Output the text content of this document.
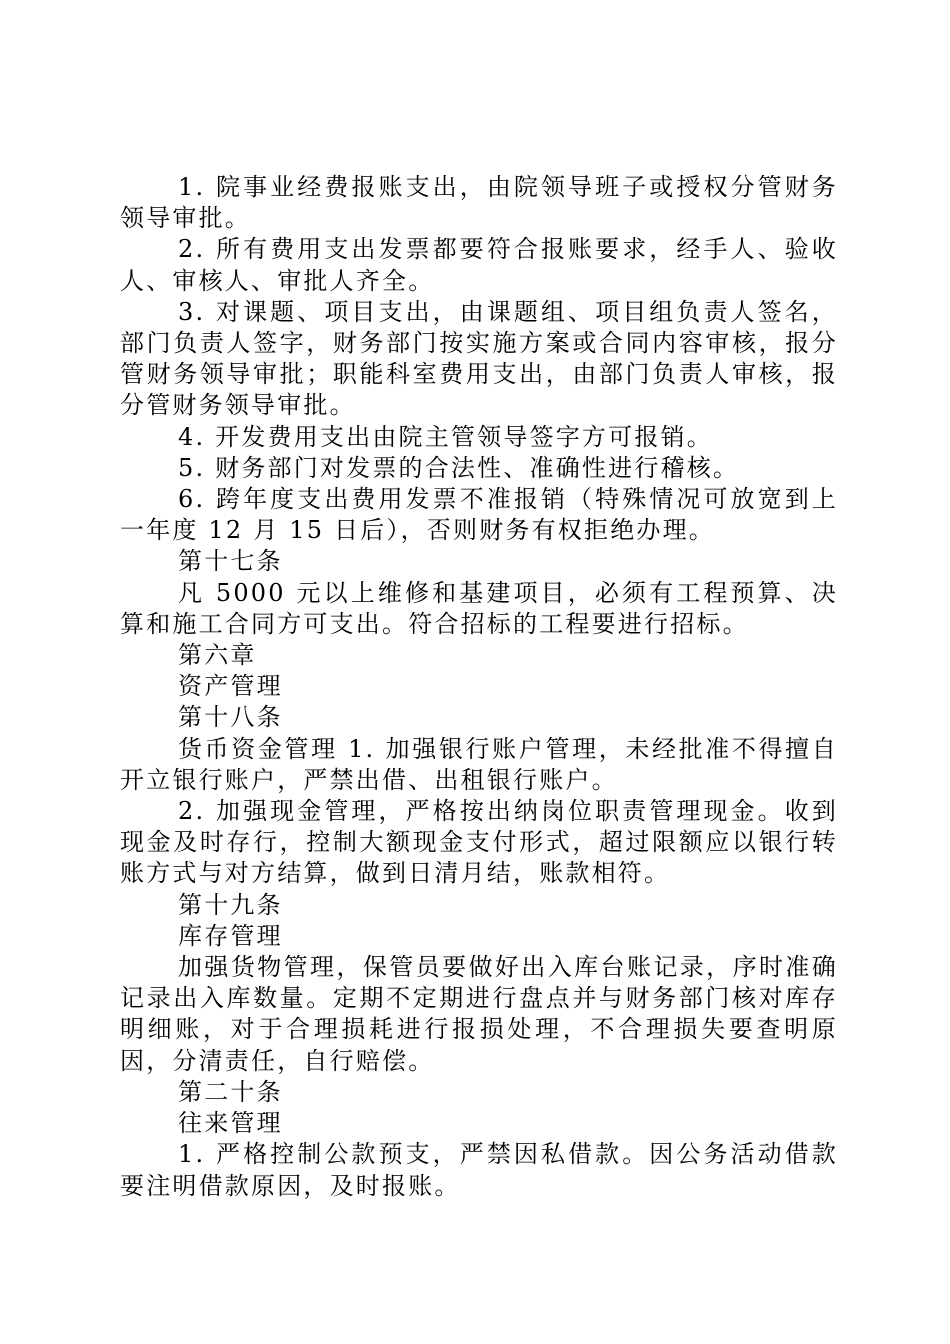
1. 院事业经费报账支出，由院领导班子或授权分管财务领导审批。

2. 所有费用支出发票都要符合报账要求，经手人、验收人、审核人、审批人齐全。

3. 对课题、项目支出，由课题组、项目组负责人签名，部门负责人签字，财务部门按实施方案或合同内容审核，报分管财务领导审批；职能科室费用支出，由部门负责人审核，报分管财务领导审批。

4. 开发费用支出由院主管领导签字方可报销。

5. 财务部门对发票的合法性、准确性进行稽核。

6. 跨年度支出费用发票不准报销（特殊情况可放宽到上一年度 12 月 15 日后），否则财务有权拒绝办理。

第十七条

凡 5000 元以上维修和基建项目，必须有工程预算、决算和施工合同方可支出。符合招标的工程要进行招标。

第六章

资产管理

第十八条

货币资金管理 1. 加强银行账户管理，未经批准不得擅自开立银行账户，严禁出借、出租银行账户。

2. 加强现金管理，严格按出纳岗位职责管理现金。收到现金及时存行，控制大额现金支付形式，超过限额应以银行转账方式与对方结算，做到日清月结，账款相符。

第十九条

库存管理

加强货物管理，保管员要做好出入库台账记录，序时准确记录出入库数量。定期不定期进行盘点并与财务部门核对库存明细账，对于合理损耗进行报损处理，不合理损失要查明原因，分清责任，自行赔偿。

第二十条

往来管理

1. 严格控制公款预支，严禁因私借款。因公务活动借款要注明借款原因，及时报账。
